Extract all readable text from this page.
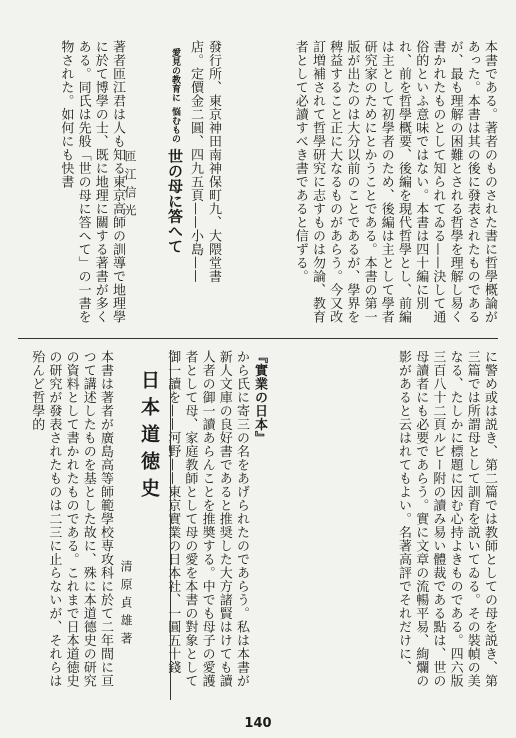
本書である。著者のものされた書に哲學概論があった。本書は其の後に發表されたものであるが、最も理解の困難とされる哲學を理解し易く書かれたものとして知られてゐる——決して通俗的といふ意味ではない。本書は四十編に別れ、前を哲學概要、後編を現代哲學とし、前編は主として初學者のため、後編は主として學者研究家のためにとかうことである。本書の第一版が出たのは大分以前のことであるが、學界を稗益すること正に大なるものがあらう。今又改訂増補されて哲學研究に志すものは勿論、教育者として必讀すべき書であると信ずる。
發行所、東京神田南神保町九、大隈堂書
店。定價金二圓、四九五頁——小島——
愛見の教育に 悩むもの 世の母に答へて
匝江信光
著者匝江君は人も知る東京高師の訓導で地理學に於て博學の士、既に地理に關する著書が多くある。同氏は先般「世の母に答へて」の一書を物された。如何にも快書
に警め或は説き、第二篇では教師としての母を説き、第三篇では所謂母として訓育を説いてゐる。その裝幀の美なる、たしかに標題に因む心持よきものである。四六版三百八十二頁ルビー附の讀み易い體裁である點は、世の母讀者にも必要であらう。實に文章の流暢平易、絢爛の影があると云はれてもよい。名著高評でそれだけに、
『實業の日本』
から氏に寄三の名をあげられたのであらう。私は本書が新人文庫の良好書であると推奨した大方諸賢はけても讀人者の御一讀あらんことを推奬する。中でも母子の愛護者として母、家庭教師として母の愛を本書の對象として御一讀を——河野——東京實業の日本社、一圓五十錢
日本道徳史
清原貞雄著
本書は著者が廣島高等師範學校専攻科に於て二年間に亘つて講述したものを基とした故に、殊に本道德史の研究の資料として書かれたものである。これまで日本道徳史の研究が發表されたものは二三に止らないが、それらは殆んど哲學的
140
